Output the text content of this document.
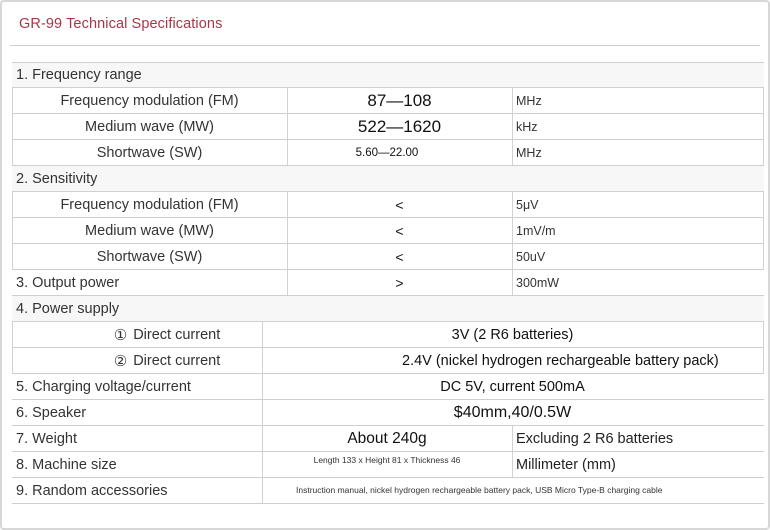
GR-99 Technical Specifications
1. Frequency range
Frequency modulation (FM)	87—108	MHz
Medium wave (MW)	522—1620	kHz
Shortwave (SW)	5.60—22.00	MHz
2. Sensitivity
Frequency modulation (FM)	<	5μV
Medium wave (MW)	<	1mV/m
Shortwave (SW)	<	50uV
3. Output power	>	300mW
4. Power supply
① Direct current	3V (2 R6 batteries)
② Direct current	2.4V (nickel hydrogen rechargeable battery pack)
5. Charging voltage/current	DC 5V, current 500mA
6. Speaker	$40mm,40/0.5W
7. Weight	About 240g	Excluding 2 R6 batteries
8. Machine size	Length 133 x Height 81 x Thickness 46	Millimeter (mm)
9. Random accessories	Instruction manual, nickel hydrogen rechargeable battery pack, USB Micro Type-B charging cable
